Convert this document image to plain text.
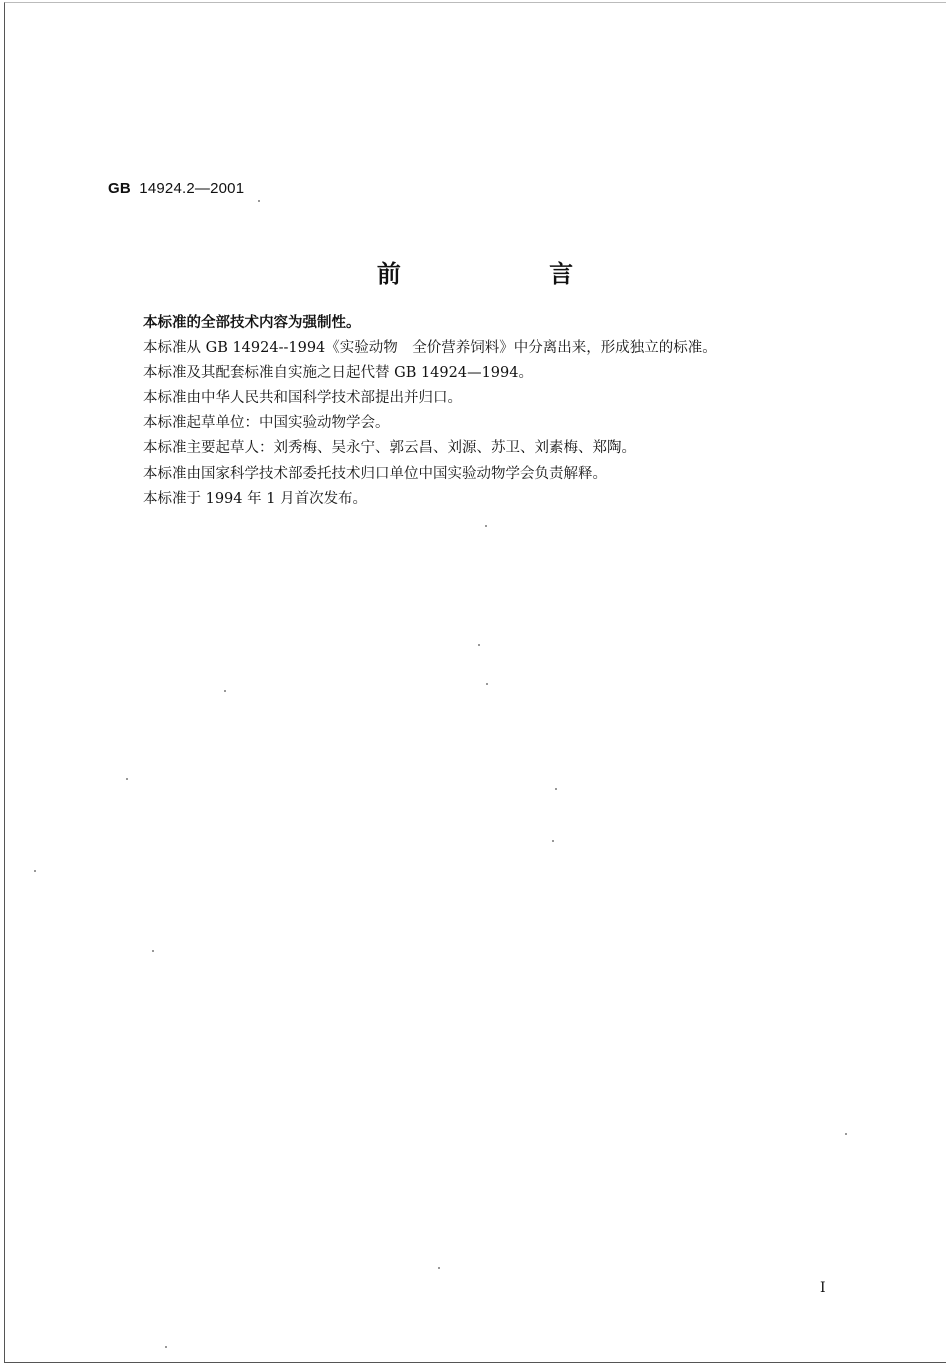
GB 14924.2—2001
前 言
本标准的全部技术内容为强制性。
本标准从 GB 14924--1994《实验动物　全价营养饲料》中分离出来，形成独立的标准。
本标准及其配套标准自实施之日起代替 GB 14924—1994。
本标准由中华人民共和国科学技术部提出并归口。
本标准起草单位：中国实验动物学会。
本标准主要起草人：刘秀梅、吴永宁、郭云昌、刘源、苏卫、刘素梅、郑陶。
本标准由国家科学技术部委托技术归口单位中国实验动物学会负责解释。
本标准于 1994 年 1 月首次发布。
I
